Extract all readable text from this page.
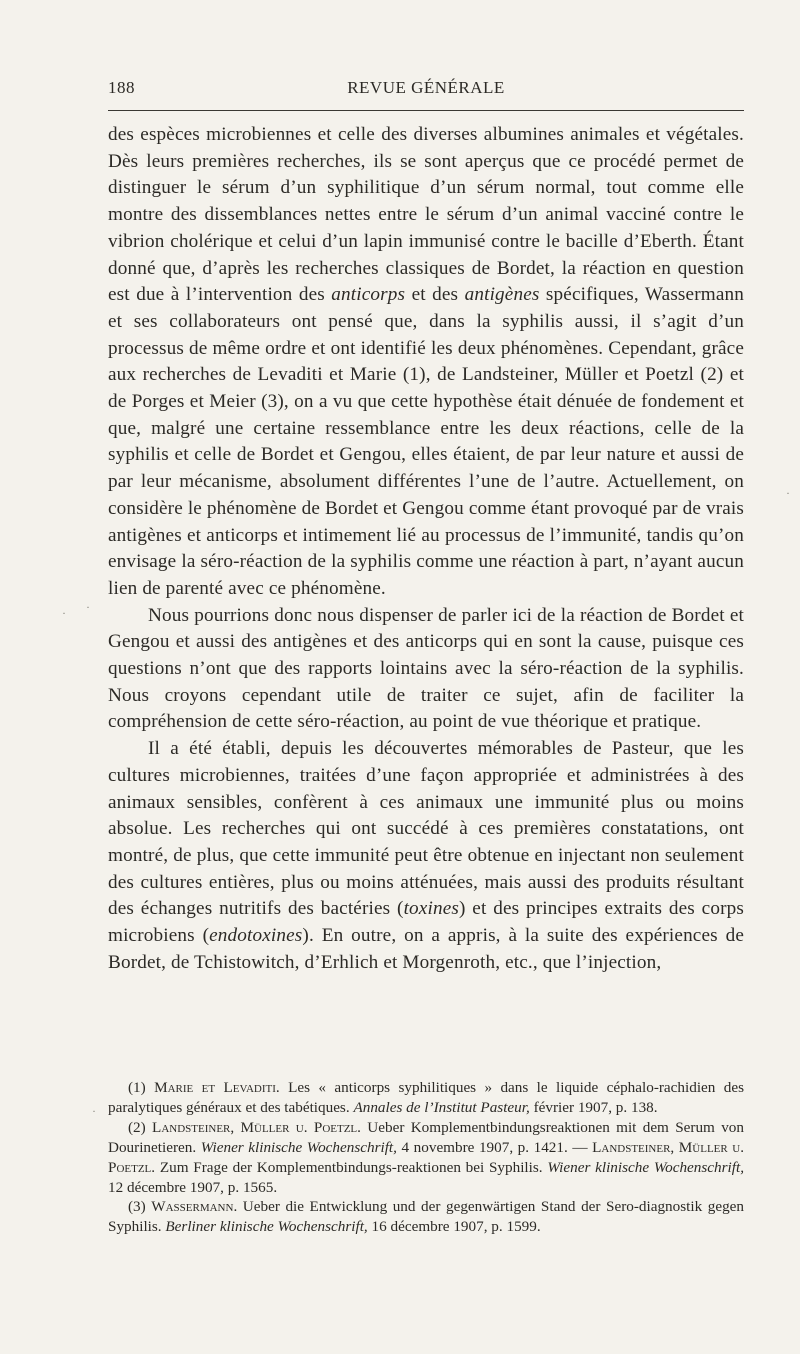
188	REVUE GÉNÉRALE

des espèces microbiennes et celle des diverses albumines animales et végétales. Dès leurs premières recherches, ils se sont aperçus que ce procédé permet de distinguer le sérum d’un syphilitique d’un sérum normal, tout comme elle montre des dissemblances nettes entre le sérum d’un animal vacciné contre le vibrion cholérique et celui d’un lapin immunisé contre le bacille d’Eberth. Étant donné que, d’après les recherches classiques de Bordet, la réaction en question est due à l’intervention des anticorps et des antigènes spécifiques, Wassermann et ses collaborateurs ont pensé que, dans la syphilis aussi, il s’agit d’un processus de même ordre et ont identifié les deux phénomènes. Cependant, grâce aux recherches de Levaditi et Marie (1), de Landsteiner, Müller et Poetzl (2) et de Porges et Meier (3), on a vu que cette hypothèse était dénuée de fondement et que, malgré une certaine ressemblance entre les deux réactions, celle de la syphilis et celle de Bordet et Gengou, elles étaient, de par leur nature et aussi de par leur mécanisme, absolument différentes l’une de l’autre. Actuellement, on considère le phénomène de Bordet et Gengou comme étant provoqué par de vrais antigènes et anticorps et intimement lié au processus de l’immunité, tandis qu’on envisage la séro-réaction de la syphilis comme une réaction à part, n’ayant aucun lien de parenté avec ce phénomène.

Nous pourrions donc nous dispenser de parler ici de la réaction de Bordet et Gengou et aussi des antigènes et des anticorps qui en sont la cause, puisque ces questions n’ont que des rapports lointains avec la séro-réaction de la syphilis. Nous croyons cependant utile de traiter ce sujet, afin de faciliter la compréhension de cette séro-réaction, au point de vue théorique et pratique.

Il a été établi, depuis les découvertes mémorables de Pasteur, que les cultures microbiennes, traitées d’une façon appropriée et administrées à des animaux sensibles, confèrent à ces animaux une immunité plus ou moins absolue. Les recherches qui ont succédé à ces premières constatations, ont montré, de plus, que cette immunité peut être obtenue en injectant non seulement des cultures entières, plus ou moins atténuées, mais aussi des produits résultant des échanges nutritifs des bactéries (toxines) et des principes extraits des corps microbiens (endotoxines). En outre, on a appris, à la suite des expériences de Bordet, de Tchistowitch, d’Erhlich et Morgenroth, etc., que l’injection,

(1) Marie et Levaditi. Les « anticorps syphilitiques » dans le liquide céphalo-rachidien des paralytiques généraux et des tabétiques. Annales de l’Institut Pasteur, février 1907, p. 138.

(2) Landsteiner, Müller u. Poetzl. Ueber Komplementbindungsreaktionen mit dem Serum von Dourinetieren. Wiener klinische Wochenschrift, 4 novembre 1907, p. 1421. — Landsteiner, Müller u. Poetzl. Zum Frage der Komplementbindungs-reaktionen bei Syphilis. Wiener klinische Wochenschrift, 12 décembre 1907, p. 1565.

(3) Wassermann. Ueber die Entwicklung und der gegenwärtigen Stand der Sero-diagnostik gegen Syphilis. Berliner klinische Wochenschrift, 16 décembre 1907, p. 1599.

·
·
·
·
